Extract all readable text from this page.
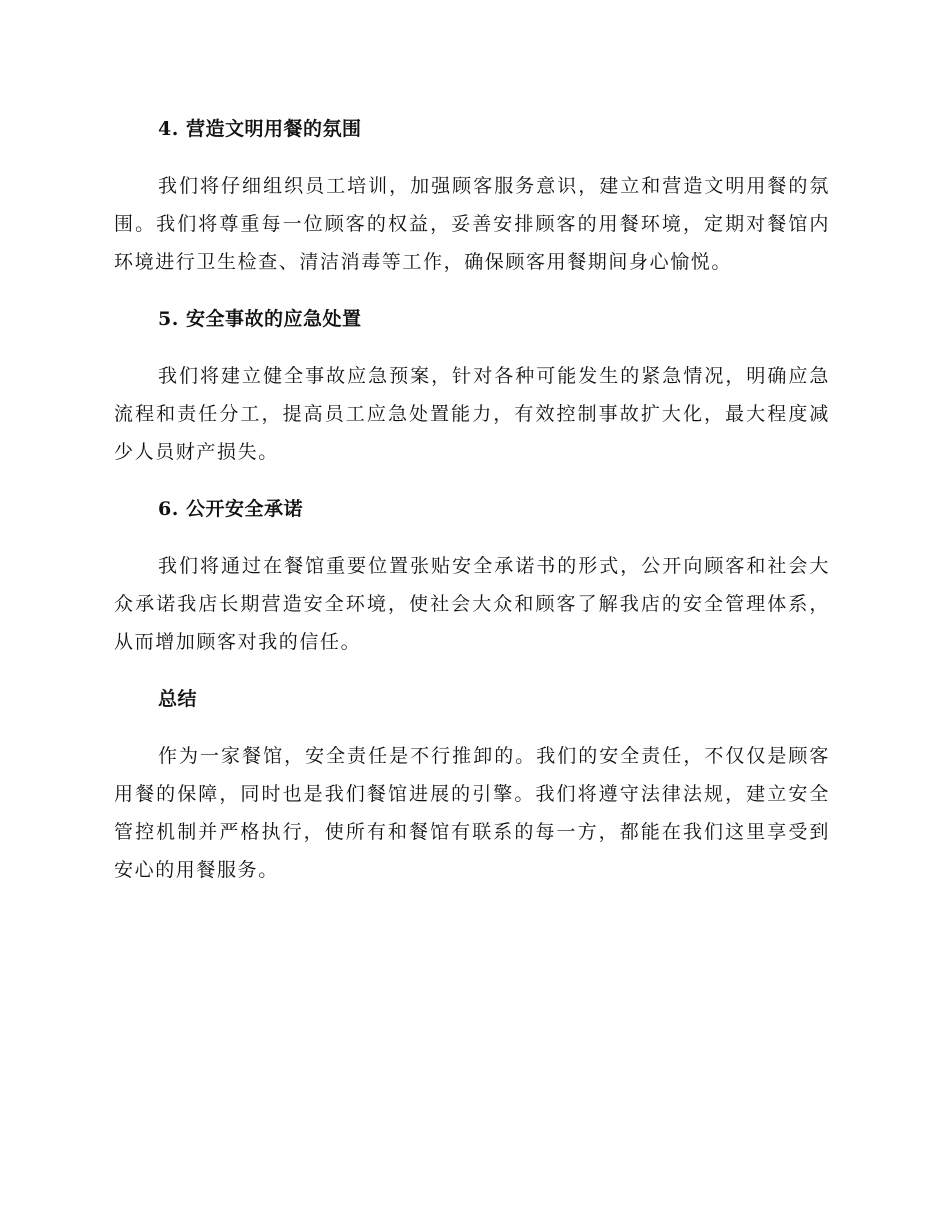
4. 营造文明用餐的氛围

我们将仔细组织员工培训，加强顾客服务意识，建立和营造文明用餐的氛围。我们将尊重每一位顾客的权益，妥善安排顾客的用餐环境，定期对餐馆内环境进行卫生检查、清洁消毒等工作，确保顾客用餐期间身心愉悦。

5. 安全事故的应急处置

我们将建立健全事故应急预案，针对各种可能发生的紧急情况，明确应急流程和责任分工，提高员工应急处置能力，有效控制事故扩大化，最大程度减少人员财产损失。

6. 公开安全承诺

我们将通过在餐馆重要位置张贴安全承诺书的形式，公开向顾客和社会大众承诺我店长期营造安全环境，使社会大众和顾客了解我店的安全管理体系，从而增加顾客对我的信任。

总结

作为一家餐馆，安全责任是不行推卸的。我们的安全责任，不仅仅是顾客用餐的保障，同时也是我们餐馆进展的引擎。我们将遵守法律法规，建立安全管控机制并严格执行，使所有和餐馆有联系的每一方，都能在我们这里享受到安心的用餐服务。
